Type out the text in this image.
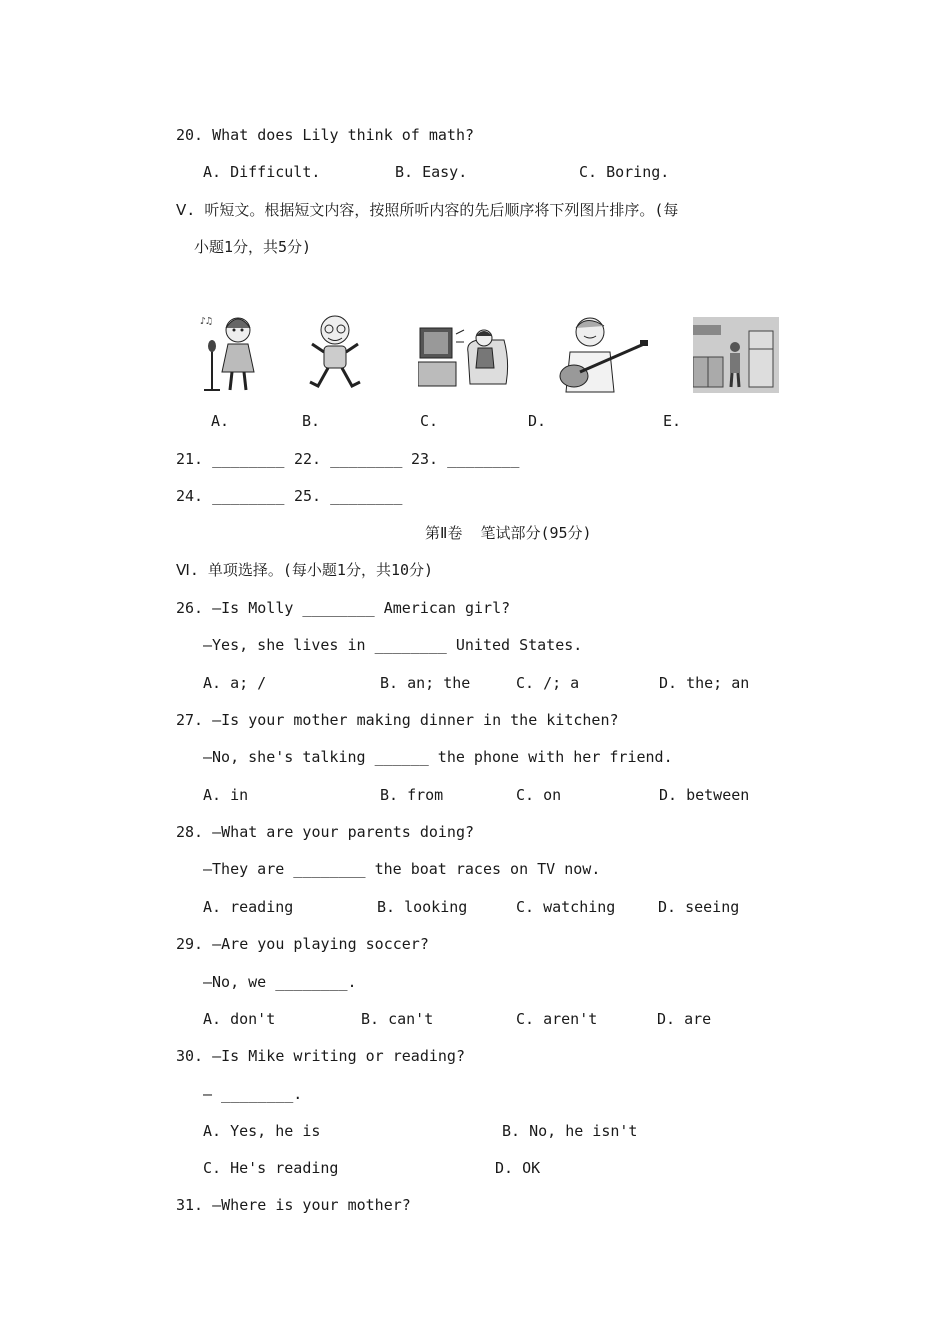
20. What does Lily think of math?
A. Difficult.	B. Easy.	C. Boring.
Ⅴ. 听短文。根据短文内容，按照所听内容的先后顺序将下列图片排序。(每
小题1分，共5分)
♪♫
A.	B.	C.	D.	E.
21. ________ 22. ________ 23. ________
24. ________ 25. ________
第Ⅱ卷  笔试部分(95分)
Ⅵ. 单项选择。(每小题1分，共10分)
26. —Is Molly ________ American girl?
—Yes, she lives in ________ United States.
A. a; /	B. an; the	C. /; a	D. the; an
27. —Is your mother making dinner in the kitchen?
—No, she's talking ______ the phone with her friend.
A. in	B. from	C. on	D. between
28. —What are your parents doing?
—They are ________ the boat races on TV now.
A. reading	B. looking	C. watching	D. seeing
29. —Are you playing soccer?
—No, we ________.
A. don't	B. can't	C. aren't	D. are
30. —Is Mike writing or reading?
— ________.
A. Yes, he is	B. No, he isn't
C. He's reading	D. OK
31. —Where is your mother?
